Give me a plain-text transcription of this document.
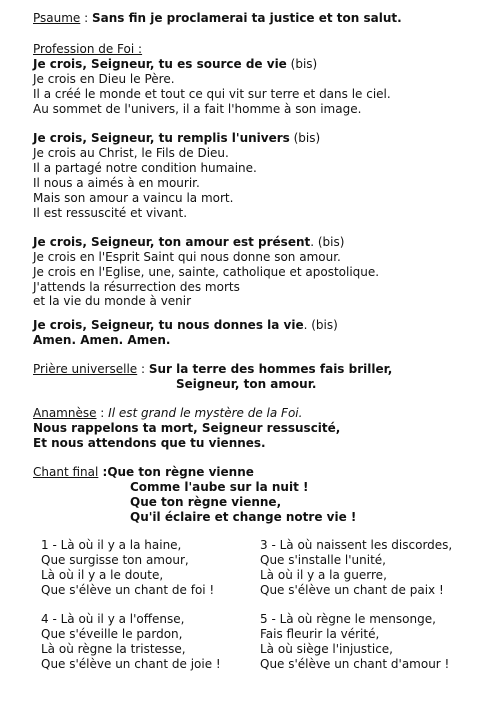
Psaume : Sans fin je proclamerai ta justice et ton salut.
Profession de Foi :
Je crois, Seigneur, tu es source de vie (bis)
Je crois en Dieu le Père.
Il a créé le monde et tout ce qui vit sur terre et dans le ciel.
Au sommet de l'univers, il a fait l'homme à son image.
Je crois, Seigneur, tu remplis l'univers (bis)
Je crois au Christ, le Fils de Dieu.
Il a partagé notre condition humaine.
Il nous a aimés à en mourir.
Mais son amour a vaincu la mort.
Il est ressuscité et vivant.
Je crois, Seigneur, ton amour est présent. (bis)
Je crois en l'Esprit Saint qui nous donne son amour.
Je crois en l'Eglise, une, sainte, catholique et apostolique.
J'attends la résurrection des morts
et la vie du monde à venir
Je crois, Seigneur, tu nous donnes la vie. (bis)
Amen. Amen. Amen.
Prière universelle : Sur la terre des hommes fais briller,
Seigneur, ton amour.
Anamnèse : Il est grand le mystère de la Foi.
Nous rappelons ta mort, Seigneur ressuscité,
Et nous attendons que tu viennes.
Chant final :Que ton règne vienne
Comme l'aube sur la nuit !
Que ton règne vienne,
Qu'il éclaire et change notre vie !
1 - Là où il y a la haine,
Que surgisse ton amour,
Là où il y a le doute,
Que s'élève un chant de foi !
3 - Là où naissent les discordes,
Que s'installe l'unité,
Là où il y a la guerre,
Que s'élève un chant de paix !
4 - Là où il y a l'offense,
Que s'éveille le pardon,
Là où règne la tristesse,
Que s'élève un chant de joie !
5 - Là où règne le mensonge,
Fais fleurir la vérité,
Là où siège l'injustice,
Que s'élève un chant d'amour !
